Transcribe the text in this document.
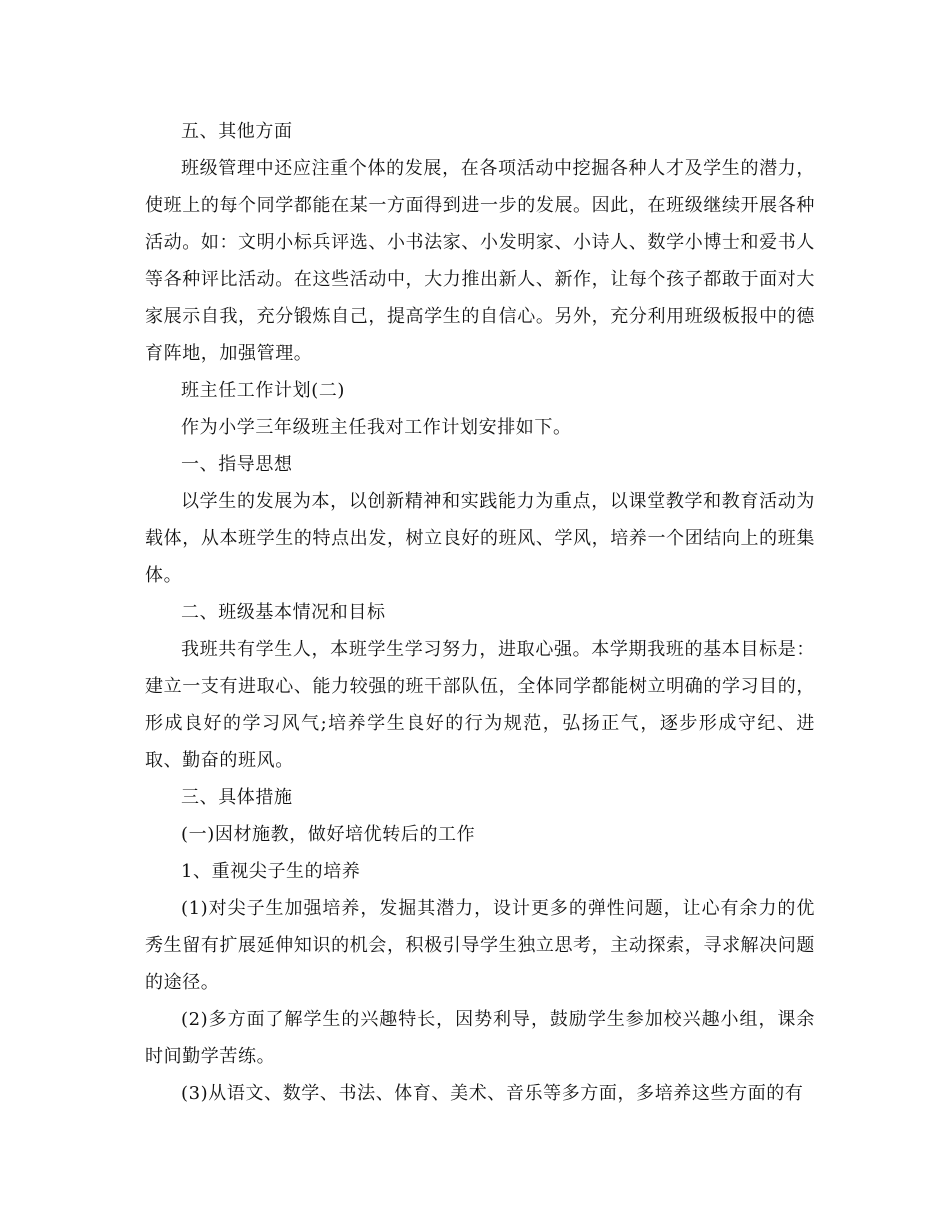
五、其他方面

班级管理中还应注重个体的发展，在各项活动中挖掘各种人才及学生的潜力，使班上的每个同学都能在某一方面得到进一步的发展。因此，在班级继续开展各种活动。如：文明小标兵评选、小书法家、小发明家、小诗人、数学小博士和爱书人等各种评比活动。在这些活动中，大力推出新人、新作，让每个孩子都敢于面对大家展示自我，充分锻炼自己，提高学生的自信心。另外，充分利用班级板报中的德育阵地，加强管理。

班主任工作计划(二)

作为小学三年级班主任我对工作计划安排如下。

一、指导思想

以学生的发展为本，以创新精神和实践能力为重点，以课堂教学和教育活动为载体，从本班学生的特点出发，树立良好的班风、学风，培养一个团结向上的班集体。

二、班级基本情况和目标

我班共有学生人，本班学生学习努力，进取心强。本学期我班的基本目标是：建立一支有进取心、能力较强的班干部队伍，全体同学都能树立明确的学习目的，形成良好的学习风气;培养学生良好的行为规范，弘扬正气，逐步形成守纪、进取、勤奋的班风。

三、具体措施

(一)因材施教，做好培优转后的工作

1、重视尖子生的培养

(1)对尖子生加强培养，发掘其潜力，设计更多的弹性问题，让心有余力的优秀生留有扩展延伸知识的机会，积极引导学生独立思考，主动探索，寻求解决问题的途径。

(2)多方面了解学生的兴趣特长，因势利导，鼓励学生参加校兴趣小组，课余时间勤学苦练。

(3)从语文、数学、书法、体育、美术、音乐等多方面，多培养这些方面的有
